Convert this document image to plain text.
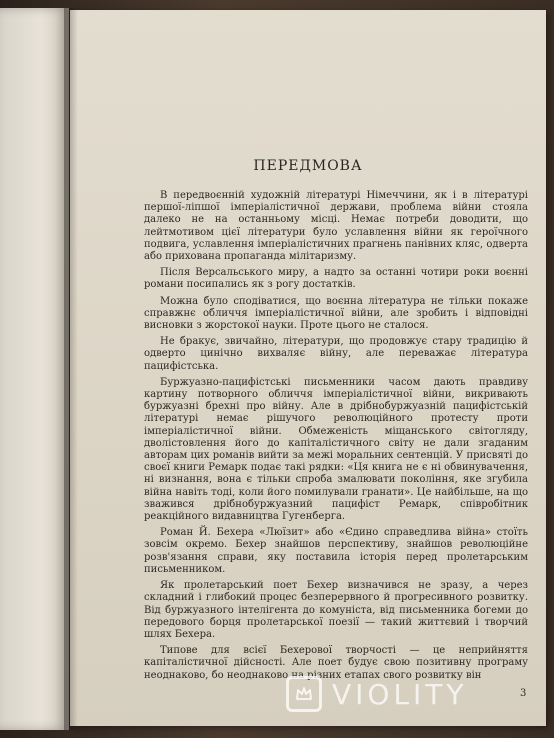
ПЕРЕДМОВА

В передвоєнній художній літературі Німеччини, як і в літературі першої-ліпшої імперіалістичної держави, проблема війни стояла далеко не на останньому місці. Немає потреби доводити, що лейтмотивом цієї літератури було уславлення війни як героїчного подвига, уславлення імперіалістичних прагнень панівних кляс, одверта або прихована пропаганда мілітаризму.

Після Версальського миру, а надто за останні чотири роки воєнні романи посипались як з рогу достатків.

Можна було сподіватися, що воєнна література не тільки покаже справжнє обличчя імперіалістичної війни, але зробить і відповідні висновки з жорстокої науки. Проте цього не сталося.

Не бракує, звичайно, літератури, що продовжує стару традицію й одверто цинічно вихваляє війну, але переважає література пацифістська.

Буржуазно-пацифістські письменники часом дають правдиву картину потворного обличчя імперіалістичної війни, викривають буржуазні брехні про війну. Але в дрібнобуржуазній пацифістській літературі немає рішучого революційного протесту проти імперіалістичної війни. Обмеженість міщанського світогляду, дволістовлення його до капіталістичного світу не дали згаданим авторам цих романів вийти за межі моральних сентенцій. У присвяті до своєї книги Ремарк подає такі рядки: «Ця книга не є ні обвинувачення, ні визнання, вона є тільки спроба змалювати покоління, яке згубила війна навіть тоді, коли його помилували гранати». Це найбільше, на що зважився дрібнобуржуазний пацифіст Ремарк, співробітник реакційного видавництва Гугенберга.

Роман Й. Бехера «Люїзит» або «Єдино справедлива війна» стоїть зовсім окремо. Бехер знайшов перспективу, знайшов революційне розв'язання справи, яку поставила історія перед пролетарським письменником.

Як пролетарський поет Бехер визначився не зразу, а через складний і глибокий процес безперервного й прогресивного розвитку. Від буржуазного інтелігента до комуніста, від письменника богеми до передового борця пролетарської поезії — такий життєвий і творчий шлях Бехера.

Типове для всієї Бехерової творчості — це неприйняття капіталістичної дійсності. Але поет будує свою позитивну програму неоднаково, бо неоднаково на різних етапах свого розвитку він

3
VIOLITY
